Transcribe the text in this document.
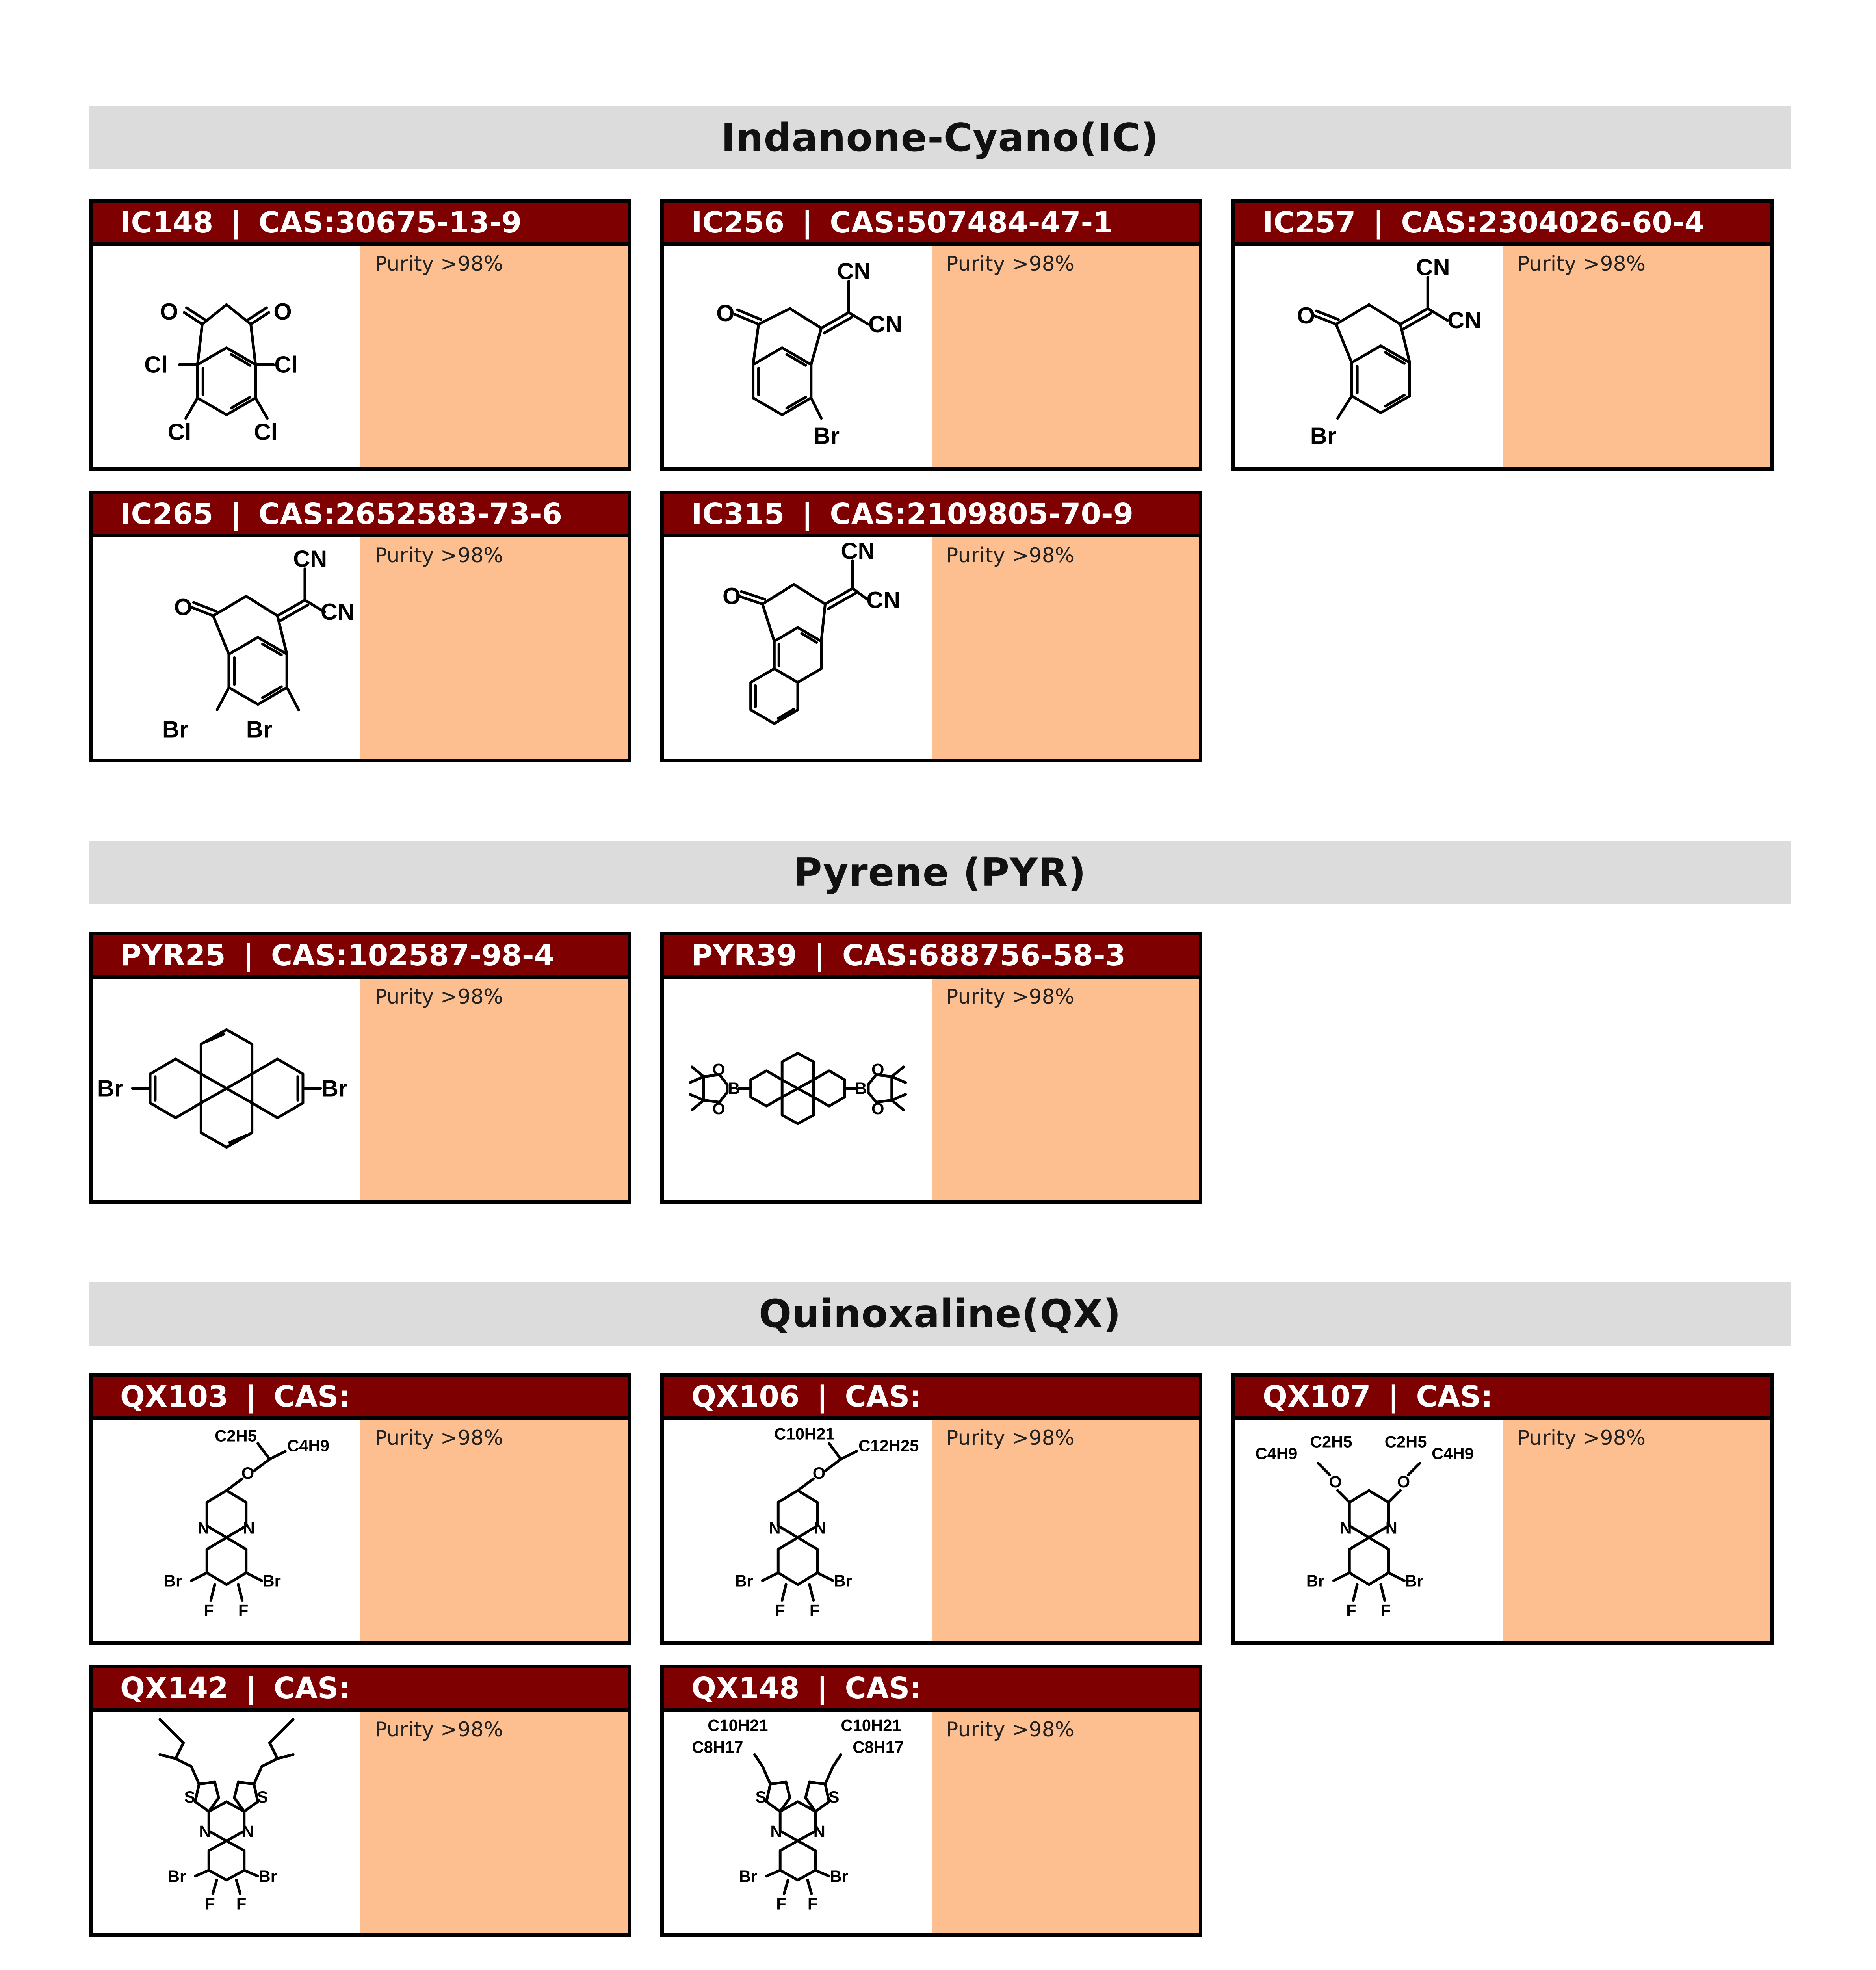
Indanone-Cyano(IC)
IC148 | CAS:30675-13-9
O	O
Cl	Cl
Cl	Cl
Purity >98%
IC256 | CAS:507484-47-1
O
CN
CN
Br
Purity >98%
IC257 | CAS:2304026-60-4
O
CN
CN
Br
Purity >98%
IC265 | CAS:2652583-73-6
O
CN
CN
Br Br
Purity >98%
IC315 | CAS:2109805-70-9
O
CN
CN
Purity >98%
Pyrene (PYR)
PYR25 | CAS:102587-98-4
Br	Br
Purity >98%
PYR39 | CAS:688756-58-3
B
B
O
O
O
O
Purity >98%
Quinoxaline(QX)
QX103 | CAS:
N N
O
C2H5
C4H9
Br	Br
F F
Purity >98%
QX106 | CAS:
N N
O
C10H21
C12H25
Br	Br
F F
Purity >98%
QX107 | CAS:
N N
O	O
C4H9
C2H5 C2H5
C4H9
Br	Br
F F
Purity >98%
QX142 | CAS:
N N
S	S
Br	Br
F F
Purity >98%
QX148 | CAS:
N N
S	S
C10H21
C8H17
C10H21
C8H17
Br	Br
F F
Purity >98%
